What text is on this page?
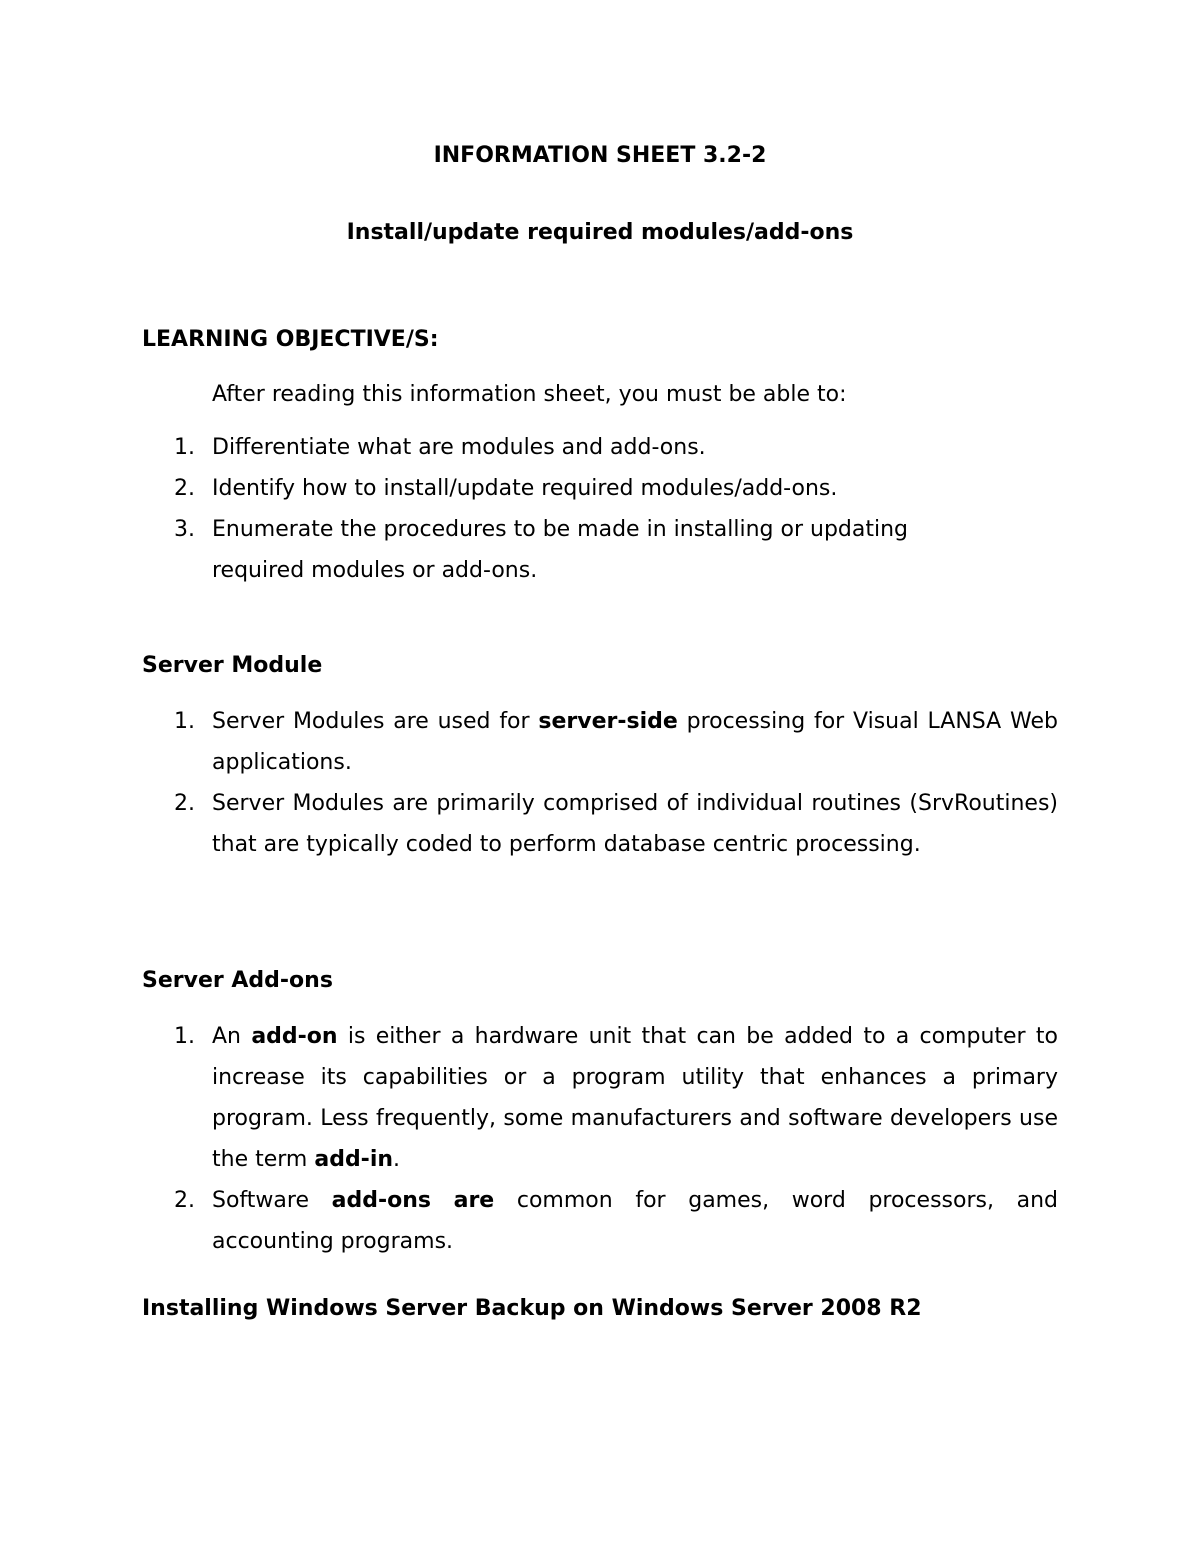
INFORMATION SHEET 3.2-2
Install/update required modules/add-ons
LEARNING OBJECTIVE/S:
After reading this information sheet, you must be able to:
1. Differentiate what are modules and add-ons.
2. Identify how to install/update required modules/add-ons.
3. Enumerate the procedures to be made in installing or updating
required modules or add-ons.
Server Module
1. Server Modules are used for server-side processing for Visual LANSA Web applications.
2. Server Modules are primarily comprised of individual routines (SrvRoutines) that are typically coded to perform database centric processing.
Server Add-ons
1. An add-on is either a hardware unit that can be added to a computer to increase its capabilities or a program utility that enhances a primary program. Less frequently, some manufacturers and software developers use the term add-in.
2. Software add-ons are common for games, word processors, and accounting programs.
Installing Windows Server Backup on Windows Server 2008 R2
